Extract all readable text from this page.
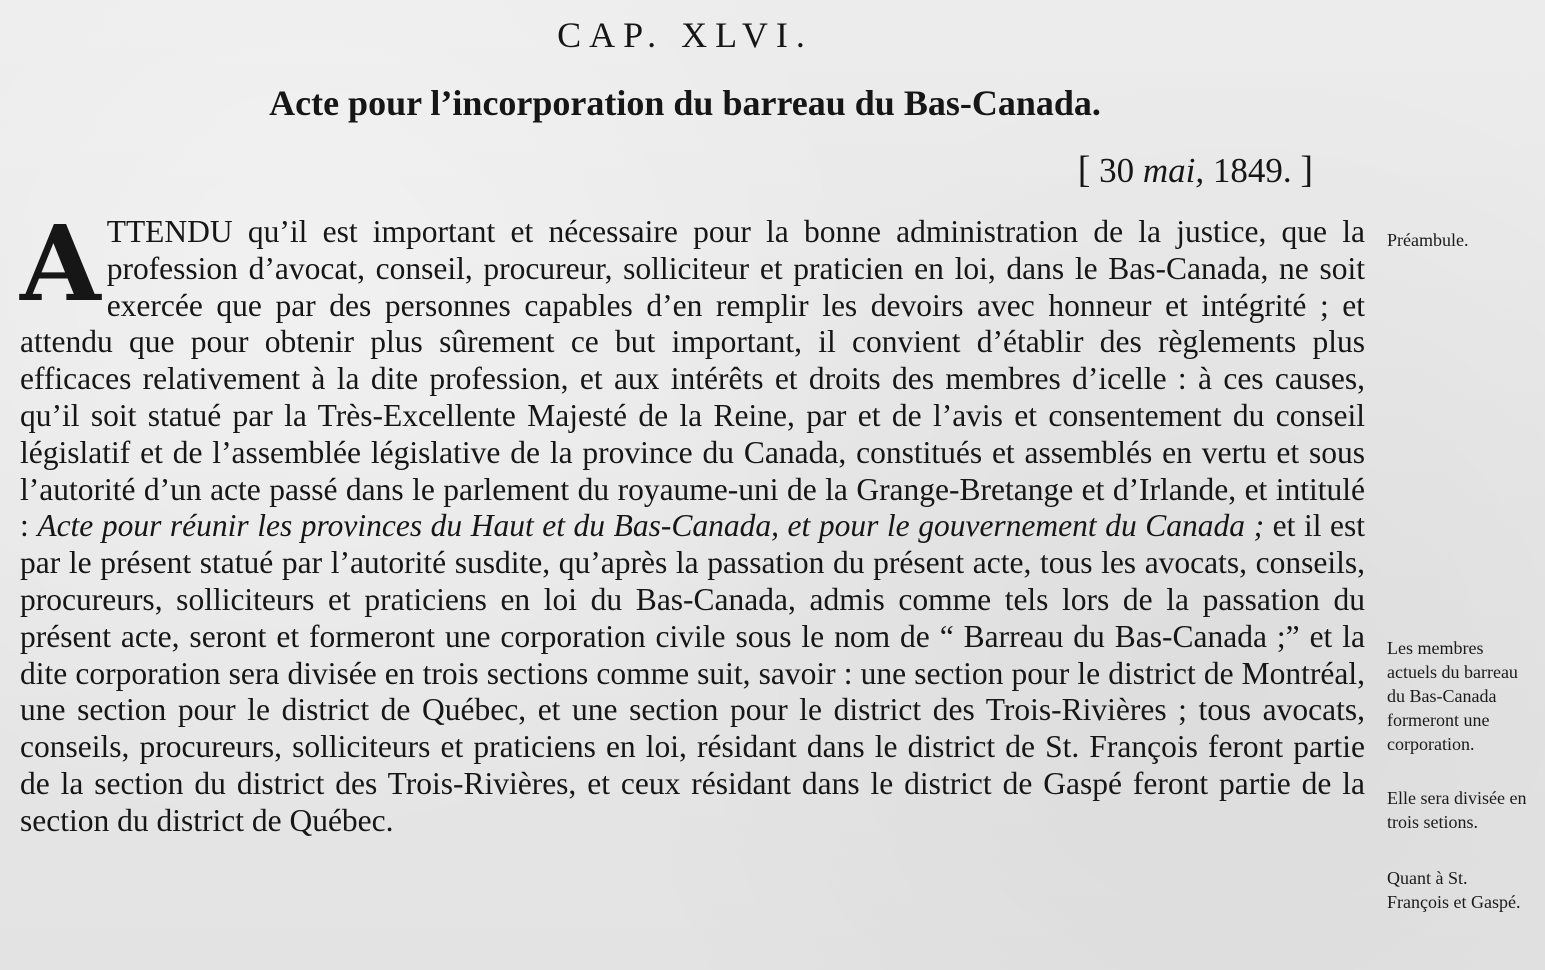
CAP. XLVI.
Acte pour l’incorporation du barreau du Bas-Canada.
[ 30 mai, 1849. ]
ATTENDU qu’il est important et nécessaire pour la bonne administration de la justice, que la profession d’avocat, conseil, procureur, solliciteur et praticien en loi, dans le Bas-Canada, ne soit exercée que par des personnes capables d’en remplir les devoirs avec honneur et intégrité ; et attendu que pour obtenir plus sûrement ce but important, il convient d’établir des règlements plus efficaces relativement à la dite profession, et aux intérêts et droits des membres d’icelle : à ces causes, qu’il soit statué par la Très-Excellente Majesté de la Reine, par et de l’avis et consentement du conseil législatif et de l’assemblée législative de la province du Canada, constitués et assemblés en vertu et sous l’autorité d’un acte passé dans le parlement du royaume-uni de la Grange-Bretange et d’Irlande, et intitulé : Acte pour réunir les provinces du Haut et du Bas-Canada, et pour le gouvernement du Canada ; et il est par le présent statué par l’autorité susdite, qu’après la passation du présent acte, tous les avocats, conseils, procureurs, solliciteurs et praticiens en loi du Bas-Canada, admis comme tels lors de la passation du présent acte, seront et formeront une corporation civile sous le nom de “ Barreau du Bas-Canada ;” et la dite corporation sera divisée en trois sections comme suit, savoir : une section pour le district de Montréal, une section pour le district de Québec, et une section pour le district des Trois-Rivières ; tous avocats, conseils, procureurs, solliciteurs et praticiens en loi, résidant dans le district de St. François feront partie de la section du district des Trois-Rivières, et ceux résidant dans le district de Gaspé feront partie de la section du district de Québec.
Préambule.
Les membres actuels du barreau du Bas-Canada formeront une corporation.
Elle sera divisée en trois setions.
Quant à St. François et Gaspé.
